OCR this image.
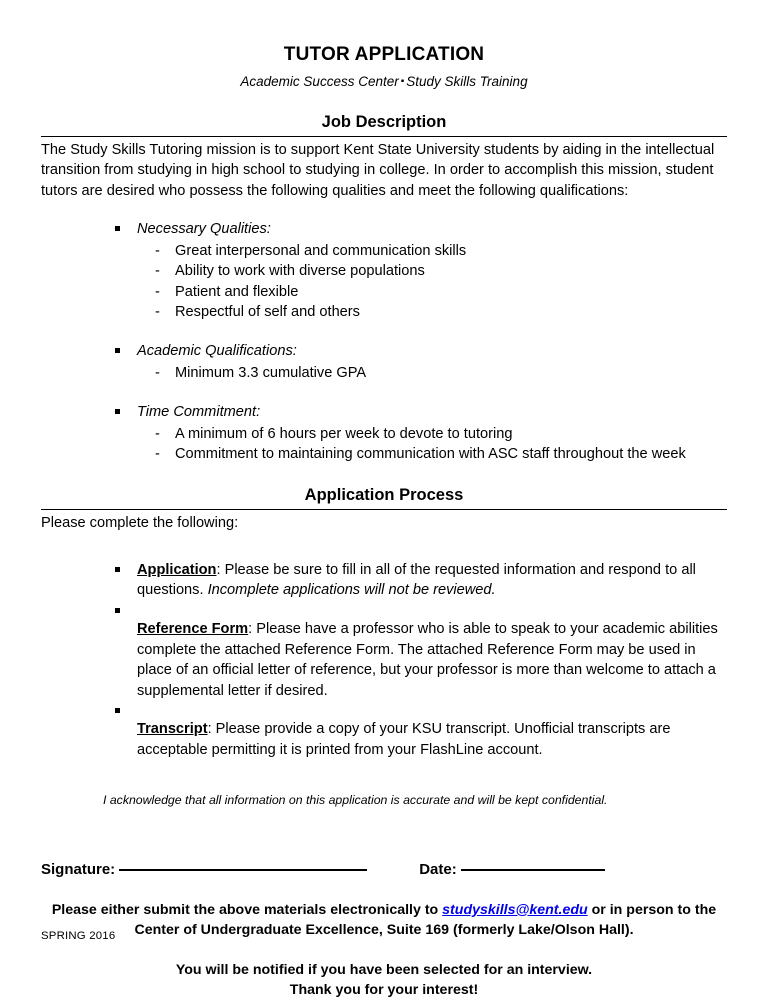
TUTOR APPLICATION

Academic Success Center ▪ Study Skills Training

Job Description

The Study Skills Tutoring mission is to support Kent State University students by aiding in the intellectual transition from studying in high school to studying in college. In order to accomplish this mission, student tutors are desired who possess the following qualities and meet the following qualifications:

Necessary Qualities:
- Great interpersonal and communication skills
- Ability to work with diverse populations
- Patient and flexible
- Respectful of self and others
Academic Qualifications:
- Minimum 3.3 cumulative GPA
Time Commitment:
- A minimum of 6 hours per week to devote to tutoring
- Commitment to maintaining communication with ASC staff throughout the week
Application Process

Please complete the following:

Application: Please be sure to fill in all of the requested information and respond to all questions. Incomplete applications will not be reviewed.
Reference Form: Please have a professor who is able to speak to your academic abilities complete the attached Reference Form. The attached Reference Form may be used in place of an official letter of reference, but your professor is more than welcome to attach a supplemental letter if desired.
Transcript: Please provide a copy of your KSU transcript. Unofficial transcripts are acceptable permitting it is printed from your FlashLine account.
I acknowledge that all information on this application is accurate and will be kept confidential.
Signature:	Date:
Please either submit the above materials electronically to studyskills@kent.edu or in person to the Center of Undergraduate Excellence, Suite 169 (formerly Lake/Olson Hall).
You will be notified if you have been selected for an interview.
Thank you for your interest!
SPRING 2016
